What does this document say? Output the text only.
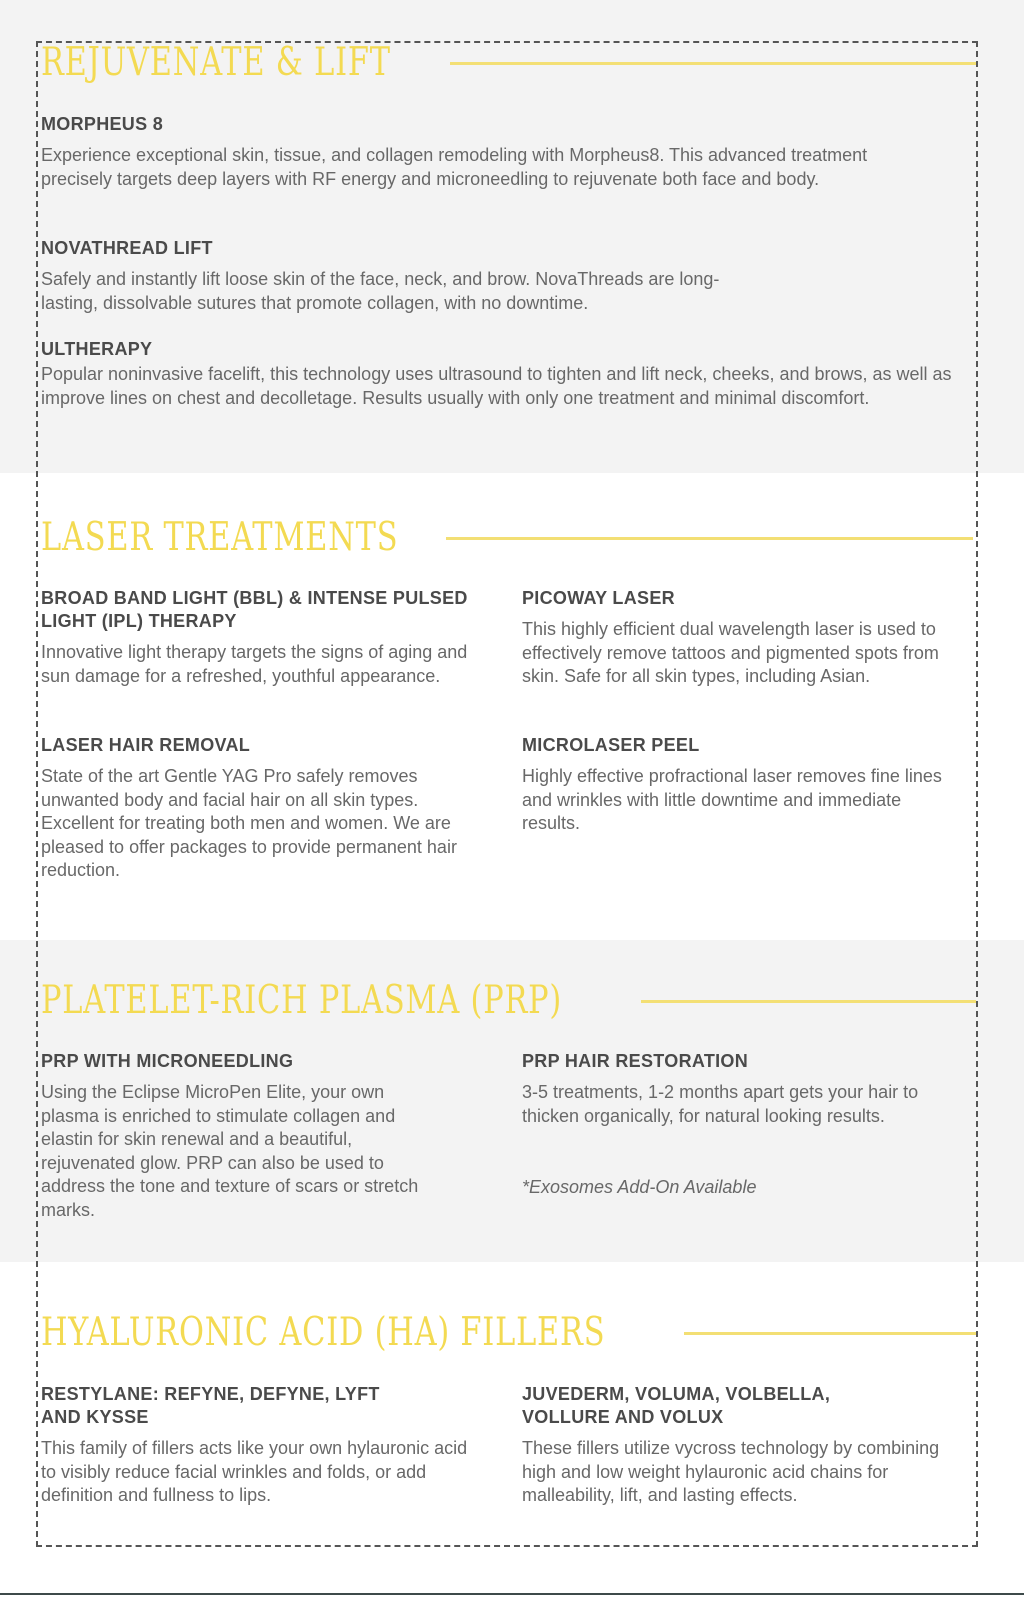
REJUVENATE & LIFT
MORPHEUS 8

Experience exceptional skin, tissue, and collagen remodeling with Morpheus8. This advanced treatment precisely targets deep layers with RF energy and microneedling to rejuvenate both face and body.

NOVATHREAD LIFT

Safely and instantly lift loose skin of the face, neck, and brow. NovaThreads are long-lasting, dissolvable sutures that promote collagen, with no downtime.

ULTHERAPY

Popular noninvasive facelift, this technology uses ultrasound to tighten and lift neck, cheeks, and brows, as well as improve lines on chest and decolletage. Results usually with only one treatment and minimal discomfort.

LASER TREATMENTS
BROAD BAND LIGHT (BBL) & INTENSE PULSED LIGHT (IPL) THERAPY

Innovative light therapy targets the signs of aging and sun damage for a refreshed, youthful appearance.

PICOWAY LASER

This highly efficient dual wavelength laser is used to effectively remove tattoos and pigmented spots from skin. Safe for all skin types, including Asian.

LASER HAIR REMOVAL

State of the art Gentle YAG Pro safely removes unwanted body and facial hair on all skin types. Excellent for treating both men and women. We are pleased to offer packages to provide permanent hair reduction.

MICROLASER PEEL

Highly effective profractional laser removes fine lines and wrinkles with little downtime and immediate results.

PLATELET-RICH PLASMA (PRP)
PRP WITH MICRONEEDLING

Using the Eclipse MicroPen Elite, your own plasma is enriched to stimulate collagen and elastin for skin renewal and a beautiful, rejuvenated glow. PRP can also be used to address the tone and texture of scars or stretch marks.

PRP HAIR RESTORATION

3-5 treatments, 1-2 months apart gets your hair to thicken organically, for natural looking results.

*Exosomes Add-On Available
HYALURONIC ACID (HA) FILLERS
RESTYLANE: REFYNE, DEFYNE, LYFT AND KYSSE

This family of fillers acts like your own hylauronic acid to visibly reduce facial wrinkles and folds, or add definition and fullness to lips.

JUVEDERM, VOLUMA, VOLBELLA, VOLLURE AND VOLUX

These fillers utilize vycross technology by combining high and low weight hylauronic acid chains for malleability, lift, and lasting effects.
